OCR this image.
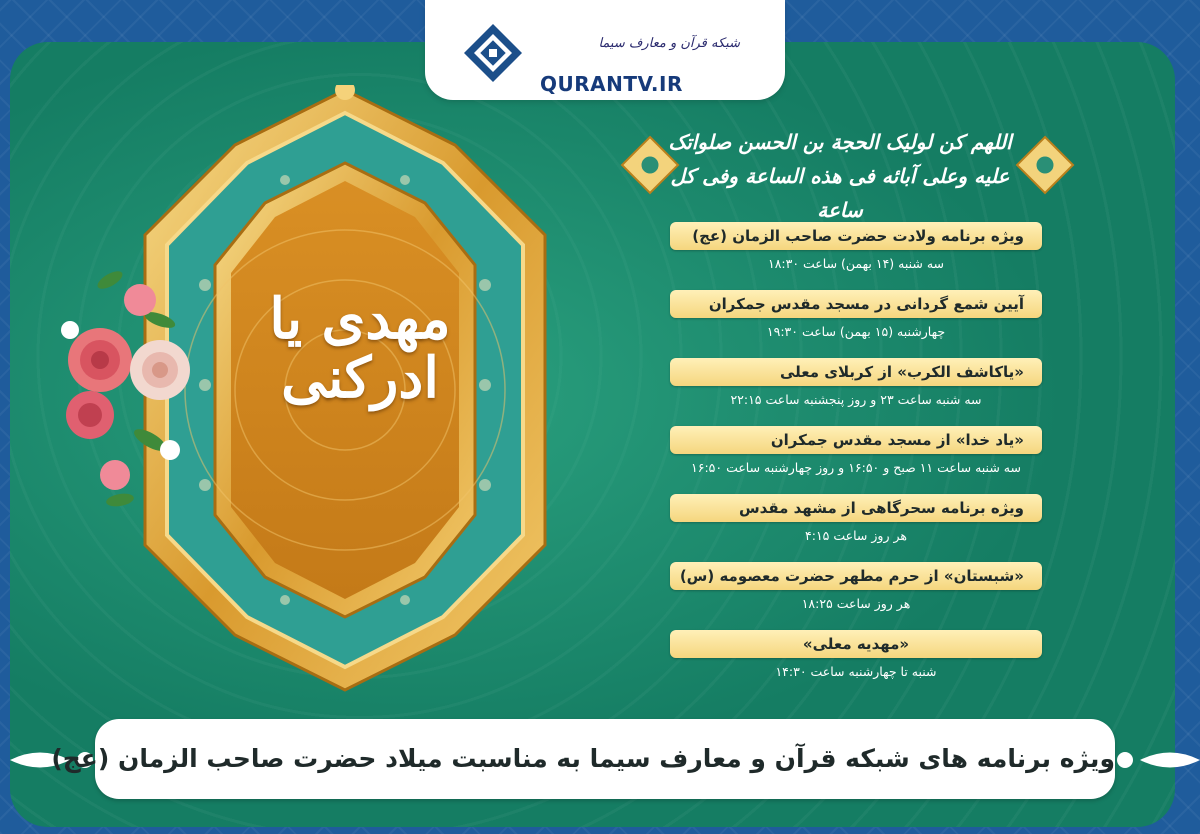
شبکه قرآن و معارف سیما
QURANTV.IR
مهدی یا ادرکنی
اللهم کن لولیک الحجة بن الحسن صلواتک
علیه وعلی آبائه فی هذه الساعة وفی کل ساعة
ویژه برنامه ولادت حضرت صاحب الزمان (عج)
سه شنبه (۱۴ بهمن) ساعت ۱۸:۳۰
آیین شمع گردانی در مسجد مقدس جمکران
چهارشنبه (۱۵ بهمن) ساعت ۱۹:۳۰
«یاکاشف الکرب» از کربلای معلی
سه شنبه ساعت ۲۳ و روز پنجشنبه ساعت ۲۲:۱۵
«یاد خدا» از مسجد مقدس جمکران
سه شنبه ساعت ۱۱ صبح و ۱۶:۵۰ و روز چهارشنبه ساعت ۱۶:۵۰
ویژه برنامه سحرگاهی از مشهد مقدس
هر روز ساعت ۴:۱۵
«شبستان» از حرم مطهر حضرت معصومه (س)
هر روز ساعت ۱۸:۲۵
«مهدیه معلی»
شنبه تا چهارشنبه ساعت ۱۴:۳۰
ویژه برنامه های شبکه قرآن و معارف سیما به مناسبت میلاد حضرت صاحب الزمان (عج)
